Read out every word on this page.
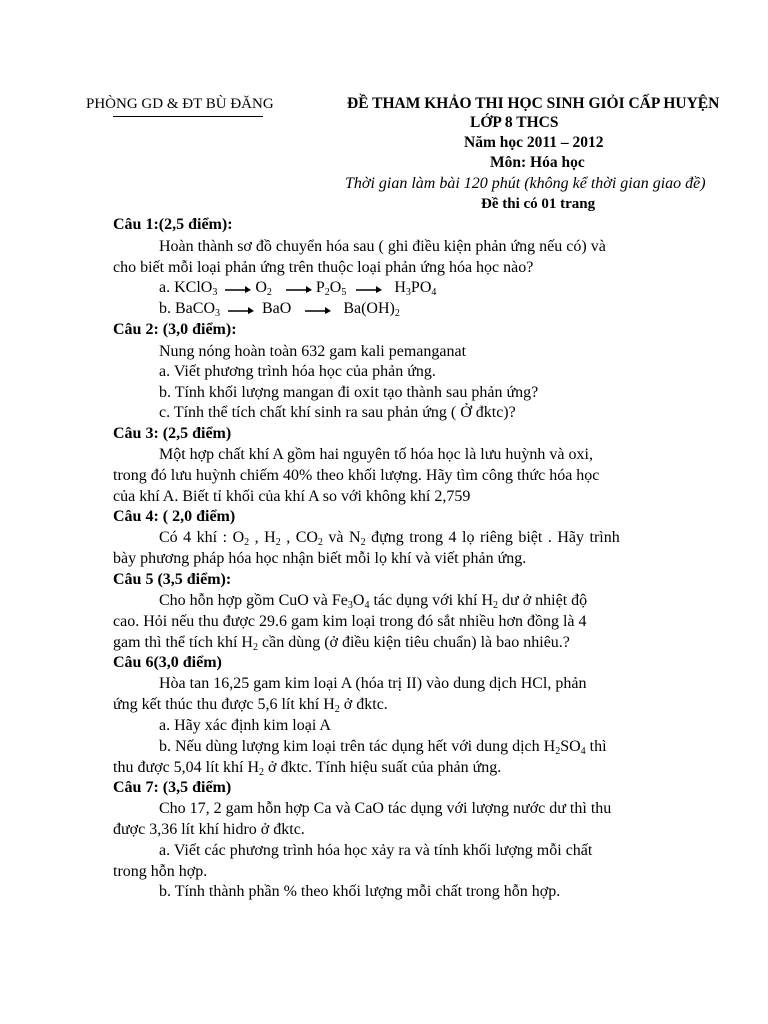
PHÒNG GD & ĐT BÙ ĐĂNG	ĐỀ THAM KHẢO THI HỌC SINH GIỎI CẤP HUYỆN
LỚP 8 THCS
Năm học 2011 – 2012
Môn: Hóa học
Thời gian làm bài 120 phút (không kể thời gian giao đề)
Đề thi có 01 trang
Câu 1:(2,5 điểm):
Hoàn thành sơ đồ chuyển hóa sau ( ghi điều kiện phản ứng nếu có) và
cho biết mỗi loại phản ứng trên thuộc loại phản ứng hóa học nào?
a. KClO$_3$ $O_2$	$P_2O_5$	$H_3PO_4$
b. BaCO$_3$	BaO	$Ba(OH)_2$
Câu 2: (3,0 điểm):
Nung nóng hoàn toàn 632 gam kali pemanganat
a. Viết phương trình hóa học của phản ứng.
b. Tính khối lượng mangan đi oxit tạo thành sau phản ứng?
c. Tính thể tích chất khí sinh ra sau phản ứng ( Ở đktc)?
Câu 3: (2,5 điểm)
Một hợp chất khí A gồm hai nguyên tố hóa học là lưu huỳnh và oxi,
trong đó lưu huỳnh chiếm 40% theo khối lượng. Hãy tìm công thức hóa học
của khí A. Biết tỉ khối của khí A so với không khí 2,759
Câu 4: ( 2,0 điểm)
Có 4 khí : $O_2$ , $H_2$ , $CO_2$ và $N_2$ đựng trong 4 lọ riêng biệt . Hãy trình
bày phương pháp hóa học nhận biết mỗi lọ khí và viết phản ứng.
Câu 5 (3,5 điểm):
Cho hỗn hợp gồm CuO và $Fe_3O_4$ tác dụng với khí $H_2$ dư ở nhiệt độ
cao. Hỏi nếu thu được 29.6 gam kim loại trong đó sắt nhiều hơn đồng là 4
gam thì thể tích khí $H_2$ cần dùng (ở điều kiện tiêu chuẩn) là bao nhiêu.?
Câu 6(3,0 điểm)
Hòa tan 16,25 gam kim loại A (hóa trị II) vào dung dịch HCl, phản
ứng kết thúc thu được 5,6 lít khí $H_2$ ở đktc.
a. Hãy xác định kim loại A
b. Nếu dùng lượng kim loại trên tác dụng hết với dung dịch $H_2SO_4$ thì
thu được 5,04 lít khí $H_2$ ở đktc. Tính hiệu suất của phản ứng.
Câu 7: (3,5 điểm)
Cho 17, 2 gam hỗn hợp Ca và CaO tác dụng với lượng nước dư thì thu
được 3,36 lít khí hidro ở đktc.
a. Viết các phương trình hóa học xảy ra và tính khối lượng mỗi chất
trong hỗn hợp.
b. Tính thành phần % theo khối lượng mỗi chất trong hỗn hợp.
